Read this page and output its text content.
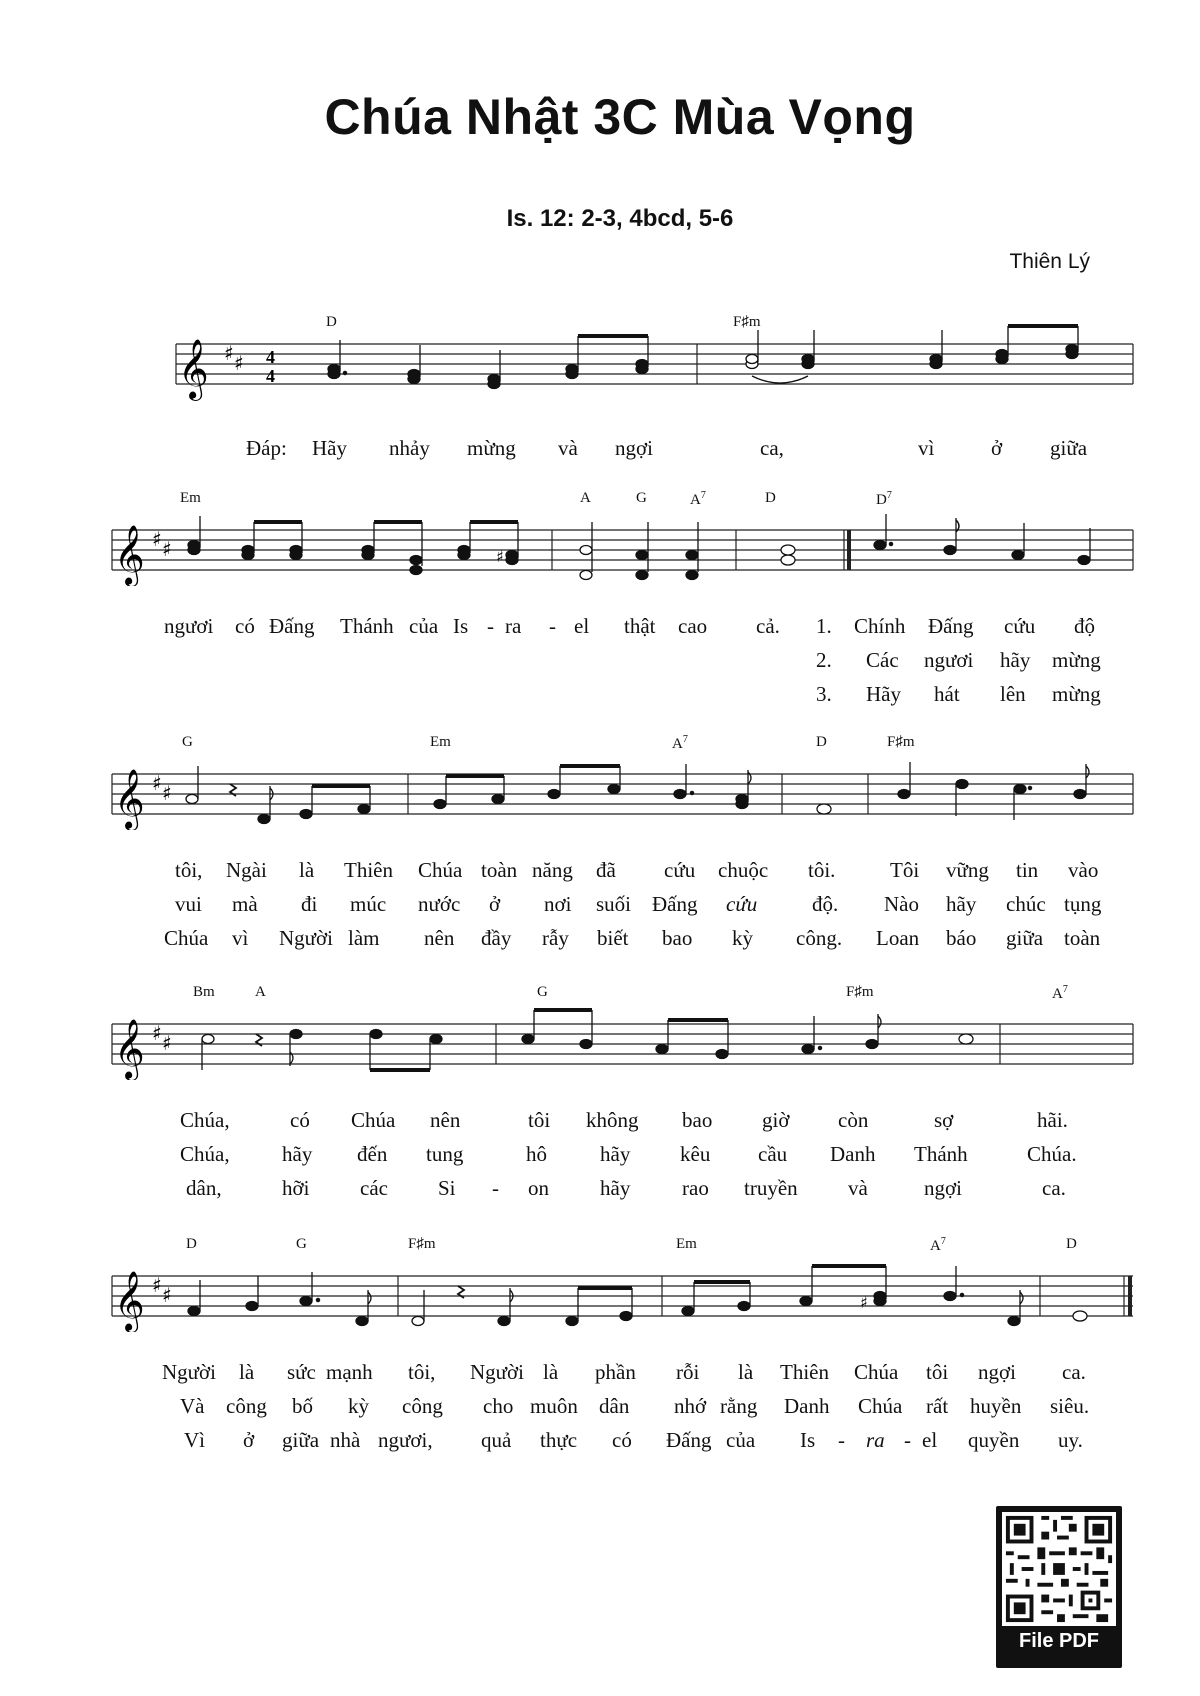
Chúa Nhật 3C Mùa Vọng
Is. 12: 2-3, 4bcd, 5-6
Thiên Lý
𝄞 ♯ ♯ 4
4
D	F♯m
Đáp: Hãy nhảy mừng và ngợi	ca,	vì	ở giữa
𝄞 ♯ ♯	♯
Em	A	G	$A^7$	D	$D^7$
ngươi có Đấng Thánh của Is - ra - el thật cao cả. 1. Chính Đấng cứu độ
2. Các ngươi hãy mừng
3. Hãy hát lên mừng
𝄞 ♯ ♯
G	Em	$A^7$	D	F♯m
tôi, Ngài là Thiên Chúa toàn năng đã cứu chuộc tôi.	Tôi vững tin vào
vui mà đi múc nước ở nơi suối Đấng cứu	độ. Nào hãy chúc tụng
Chúa vì Người làm nên đầy rẫy biết bao kỳ công. Loan báo giữa toàn
𝄞 ♯ ♯
Bm	A	G	F♯m	$A^7$
Chúa,	có Chúa nên	tôi không bao giờ còn	sợ	hãi.
Chúa, hãy đến tung	hô	hãy kêu cầu Danh Thánh	Chúa.
dân,	hỡi các Si - on hãy rao truyền và	ngợi	ca.
𝄞 ♯ ♯	♯
D	G	F♯m	Em	$A^7$	D
Người là sức mạnh tôi, Người là phần rỗi là Thiên Chúa tôi ngợi ca.
Và công bố kỳ công cho muôn dân nhớ rằng Danh Chúa rất huyền siêu.
Vì ở giữa nhà ngươi, quả thực có Đấng của Is - ra - el quyền uy.
File PDF
